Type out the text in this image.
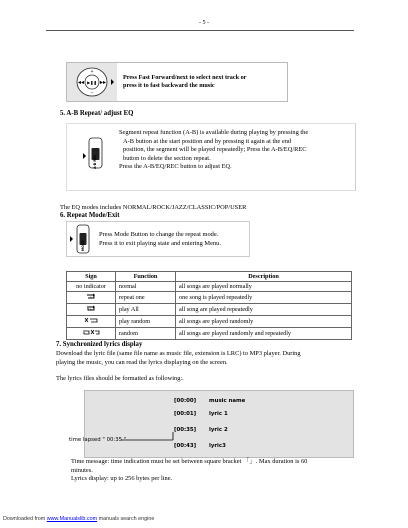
- 5 -
▶❚❚
◀◀	▶▶
+
−
Press Fast Forward/next to select next track or
press it to fast backward the music
5. A-B Repeat/ adjust EQ
A-B REC
Segment repeat function (A-B) is available during playing by pressing the
A-B button at the start position and by pressing it again at the end
position, the segment will be played repeatedly; Press the A-B/EQ/REC
button to delete the section repeat.
Press the A-B/EQ/REC button to adjust EQ.
The EQ modes includes NORMAL/ROCK/JAZZ/CLASSIC/POP/USER
6. Repeat Mode/Exit
MODE
Press Mode Button to change the repeat mode.
Press it to exit playing state and entering Menu.
Sign	Function	Description
no indicator	normal	all songs are played normally

1	repeat one	one song is played repeatedly

A	play All	all song are played repeatedly
	play random	all songs are played randomly
	random	all songs are played randomly and repeatedly
7. Synchronized lyrics display
Download the lyric file (same file name as music file, extension is LRC) to MP3 player. During
playing the music, you can read the lyrics displaying on the screen.
The lyrics files should be formatted as following:.
[00:00] music name
[00:01] lyric 1
[00:35] lyric 2
[00:43] lyric3
time lapsed " 00:35 "
Time message: time indication must be set between square bracket 「」. Max duration is 60
minutes.
Lyrics display: up to 256 bytes per line.
Downloaded from www.Manualslib.com manuals search engine
